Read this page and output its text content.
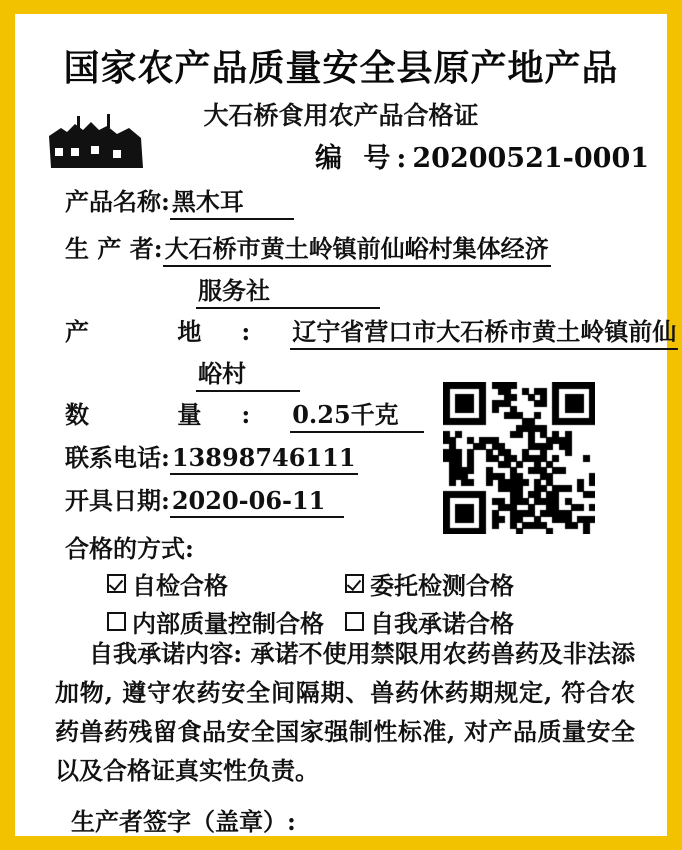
国家农产品质量安全县原产地产品
大石桥食用农产品合格证
编 号:20200521-0001
产品名称:黑木耳
生 产 者:大石桥市黄土岭镇前仙峪村集体经济
服务社
产 地:辽宁省营口市大石桥市黄土岭镇前仙
峪村
数 量:0.25千克
联系电话:13898746111
开具日期:2020-06-11
合格的方式:
自检合格	委托检测合格
内部质量控制合格 自我承诺合格
自我承诺内容: 承诺不使用禁限用农药兽药及非法添加物, 遵守农药安全间隔期、兽药休药期规定, 符合农药兽药残留食品安全国家强制性标准, 对产品质量安全以及合格证真实性负责。
生产者签字（盖章）:
